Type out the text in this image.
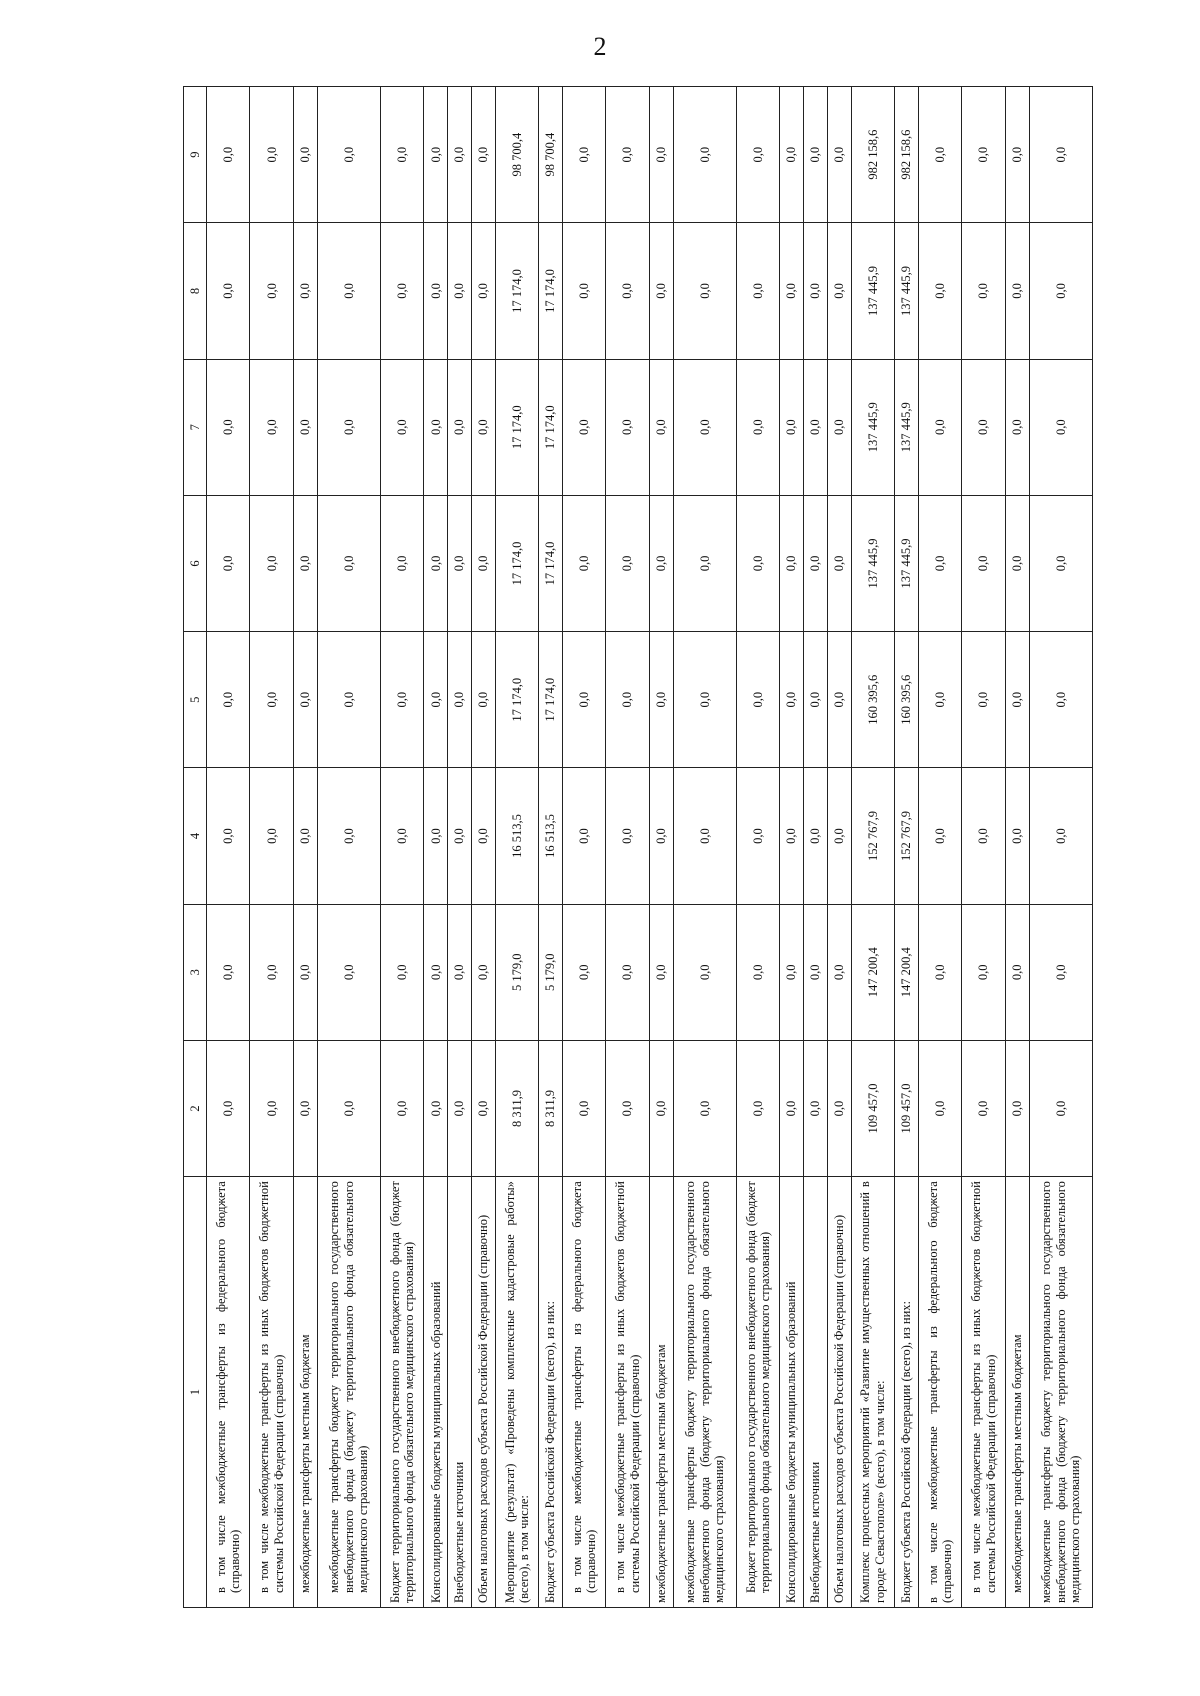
2
1	2	3	4	5	6	7	8	9
в том числе межбюджетные трансферты из федерального бюджета (справочно)	0,0	0,0	0,0	0,0	0,0	0,0	0,0	0,0
в том числе межбюджетные трансферты из иных бюджетов бюджетной системы Российской Федерации (справочно)	0,0	0,0	0,0	0,0	0,0	0,0	0,0	0,0
межбюджетные трансферты местным бюджетам	0,0	0,0	0,0	0,0	0,0	0,0	0,0	0,0
межбюджетные трансферты бюджету территориального государственного внебюджетного фонда (бюджету территориального фонда обязательного медицинского страхования)	0,0	0,0	0,0	0,0	0,0	0,0	0,0	0,0
Бюджет территориального государственного внебюджетного фонда (бюджет территориального фонда обязательного медицинского страхования)	0,0	0,0	0,0	0,0	0,0	0,0	0,0	0,0
Консолидированные бюджеты муниципальных образований	0,0	0,0	0,0	0,0	0,0	0,0	0,0	0,0
Внебюджетные источники	0,0	0,0	0,0	0,0	0,0	0,0	0,0	0,0
Объем налоговых расходов субъекта Российской Федерации (справочно)	0,0	0,0	0,0	0,0	0,0	0,0	0,0	0,0
Мероприятие (результат) «Проведены комплексные кадастровые работы» (всего), в том числе:	8 311,9	5 179,0	16 513,5	17 174,0	17 174,0	17 174,0	17 174,0	98 700,4
Бюджет субъекта Российской Федерации (всего), из них:	8 311,9	5 179,0	16 513,5	17 174,0	17 174,0	17 174,0	17 174,0	98 700,4
в том числе межбюджетные трансферты из федерального бюджета (справочно)	0,0	0,0	0,0	0,0	0,0	0,0	0,0	0,0
в том числе межбюджетные трансферты из иных бюджетов бюджетной системы Российской Федерации (справочно)	0,0	0,0	0,0	0,0	0,0	0,0	0,0	0,0
межбюджетные трансферты местным бюджетам	0,0	0,0	0,0	0,0	0,0	0,0	0,0	0,0
межбюджетные трансферты бюджету территориального государственного внебюджетного фонда (бюджету территориального фонда обязательного медицинского страхования)	0,0	0,0	0,0	0,0	0,0	0,0	0,0	0,0
Бюджет территориального государственного внебюджетного фонда (бюджет территориального фонда обязательного медицинского страхования)	0,0	0,0	0,0	0,0	0,0	0,0	0,0	0,0
Консолидированные бюджеты муниципальных образований	0,0	0,0	0,0	0,0	0,0	0,0	0,0	0,0
Внебюджетные источники	0,0	0,0	0,0	0,0	0,0	0,0	0,0	0,0
Объем налоговых расходов субъекта Российской Федерации (справочно)	0,0	0,0	0,0	0,0	0,0	0,0	0,0	0,0
Комплекс процессных мероприятий «Развитие имущественных отношений в городе Севастополе» (всего), в том числе:	109 457,0	147 200,4	152 767,9	160 395,6	137 445,9	137 445,9	137 445,9	982 158,6
Бюджет субъекта Российской Федерации (всего), из них:	109 457,0	147 200,4	152 767,9	160 395,6	137 445,9	137 445,9	137 445,9	982 158,6
в том числе межбюджетные трансферты из федерального бюджета (справочно)	0,0	0,0	0,0	0,0	0,0	0,0	0,0	0,0
в том числе межбюджетные трансферты из иных бюджетов бюджетной системы Российской Федерации (справочно)	0,0	0,0	0,0	0,0	0,0	0,0	0,0	0,0
межбюджетные трансферты местным бюджетам	0,0	0,0	0,0	0,0	0,0	0,0	0,0	0,0
межбюджетные трансферты бюджету территориального государственного внебюджетного фонда (бюджету территориального фонда обязательного медицинского страхования)	0,0	0,0	0,0	0,0	0,0	0,0	0,0	0,0
